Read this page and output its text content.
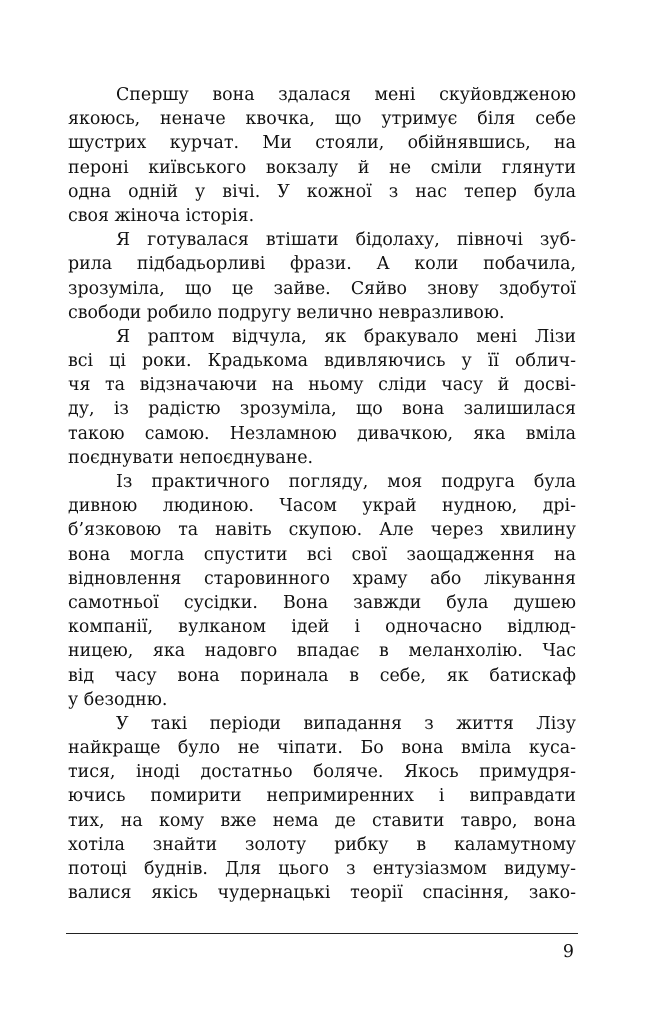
Спершу вона здалася мені скуйовдженою
якоюсь, неначе квочка, що утримує біля себе
шустрих курчат. Ми стояли, обійнявшись, на
пероні київського вокзалу й не сміли глянути
одна одній у вічі. У кожної з нас тепер була
своя жіноча історія.
Я готувалася втішати бідолаху, півночі зуб-
рила підбадьорливі фрази. А коли побачила,
зрозуміла, що це зайве. Сяйво знову здобутої
свободи робило подругу велично невразливою.
Я раптом відчула, як бракувало мені Лізи
всі ці роки. Крадькома вдивляючись у її облич-
чя та відзначаючи на ньому сліди часу й досві-
ду, із радістю зрозуміла, що вона залишилася
такою самою. Незламною дивачкою, яка вміла
поєднувати непоєднуване.
Із практичного погляду, моя подруга була
дивною людиною. Часом украй нудною, дрі-
б’язковою та навіть скупою. Але через хвилину
вона могла спустити всі свої заощадження на
відновлення старовинного храму або лікування
самотньої сусідки. Вона завжди була душею
компанії, вулканом ідей і одночасно відлюд-
ницею, яка надовго впадає в меланхолію. Час
від часу вона поринала в себе, як батискаф
у безодню.
У такі періоди випадання з життя Лізу
найкраще було не чіпати. Бо вона вміла куса-
тися, іноді достатньо боляче. Якось примудря-
ючись помирити непримиренних і виправдати
тих, на кому вже нема де ставити тавро, вона
хотіла знайти золоту рибку в каламутному
потоці буднів. Для цього з ентузіазмом видуму-
валися якісь чудернацькі теорії спасіння, зако-
9
